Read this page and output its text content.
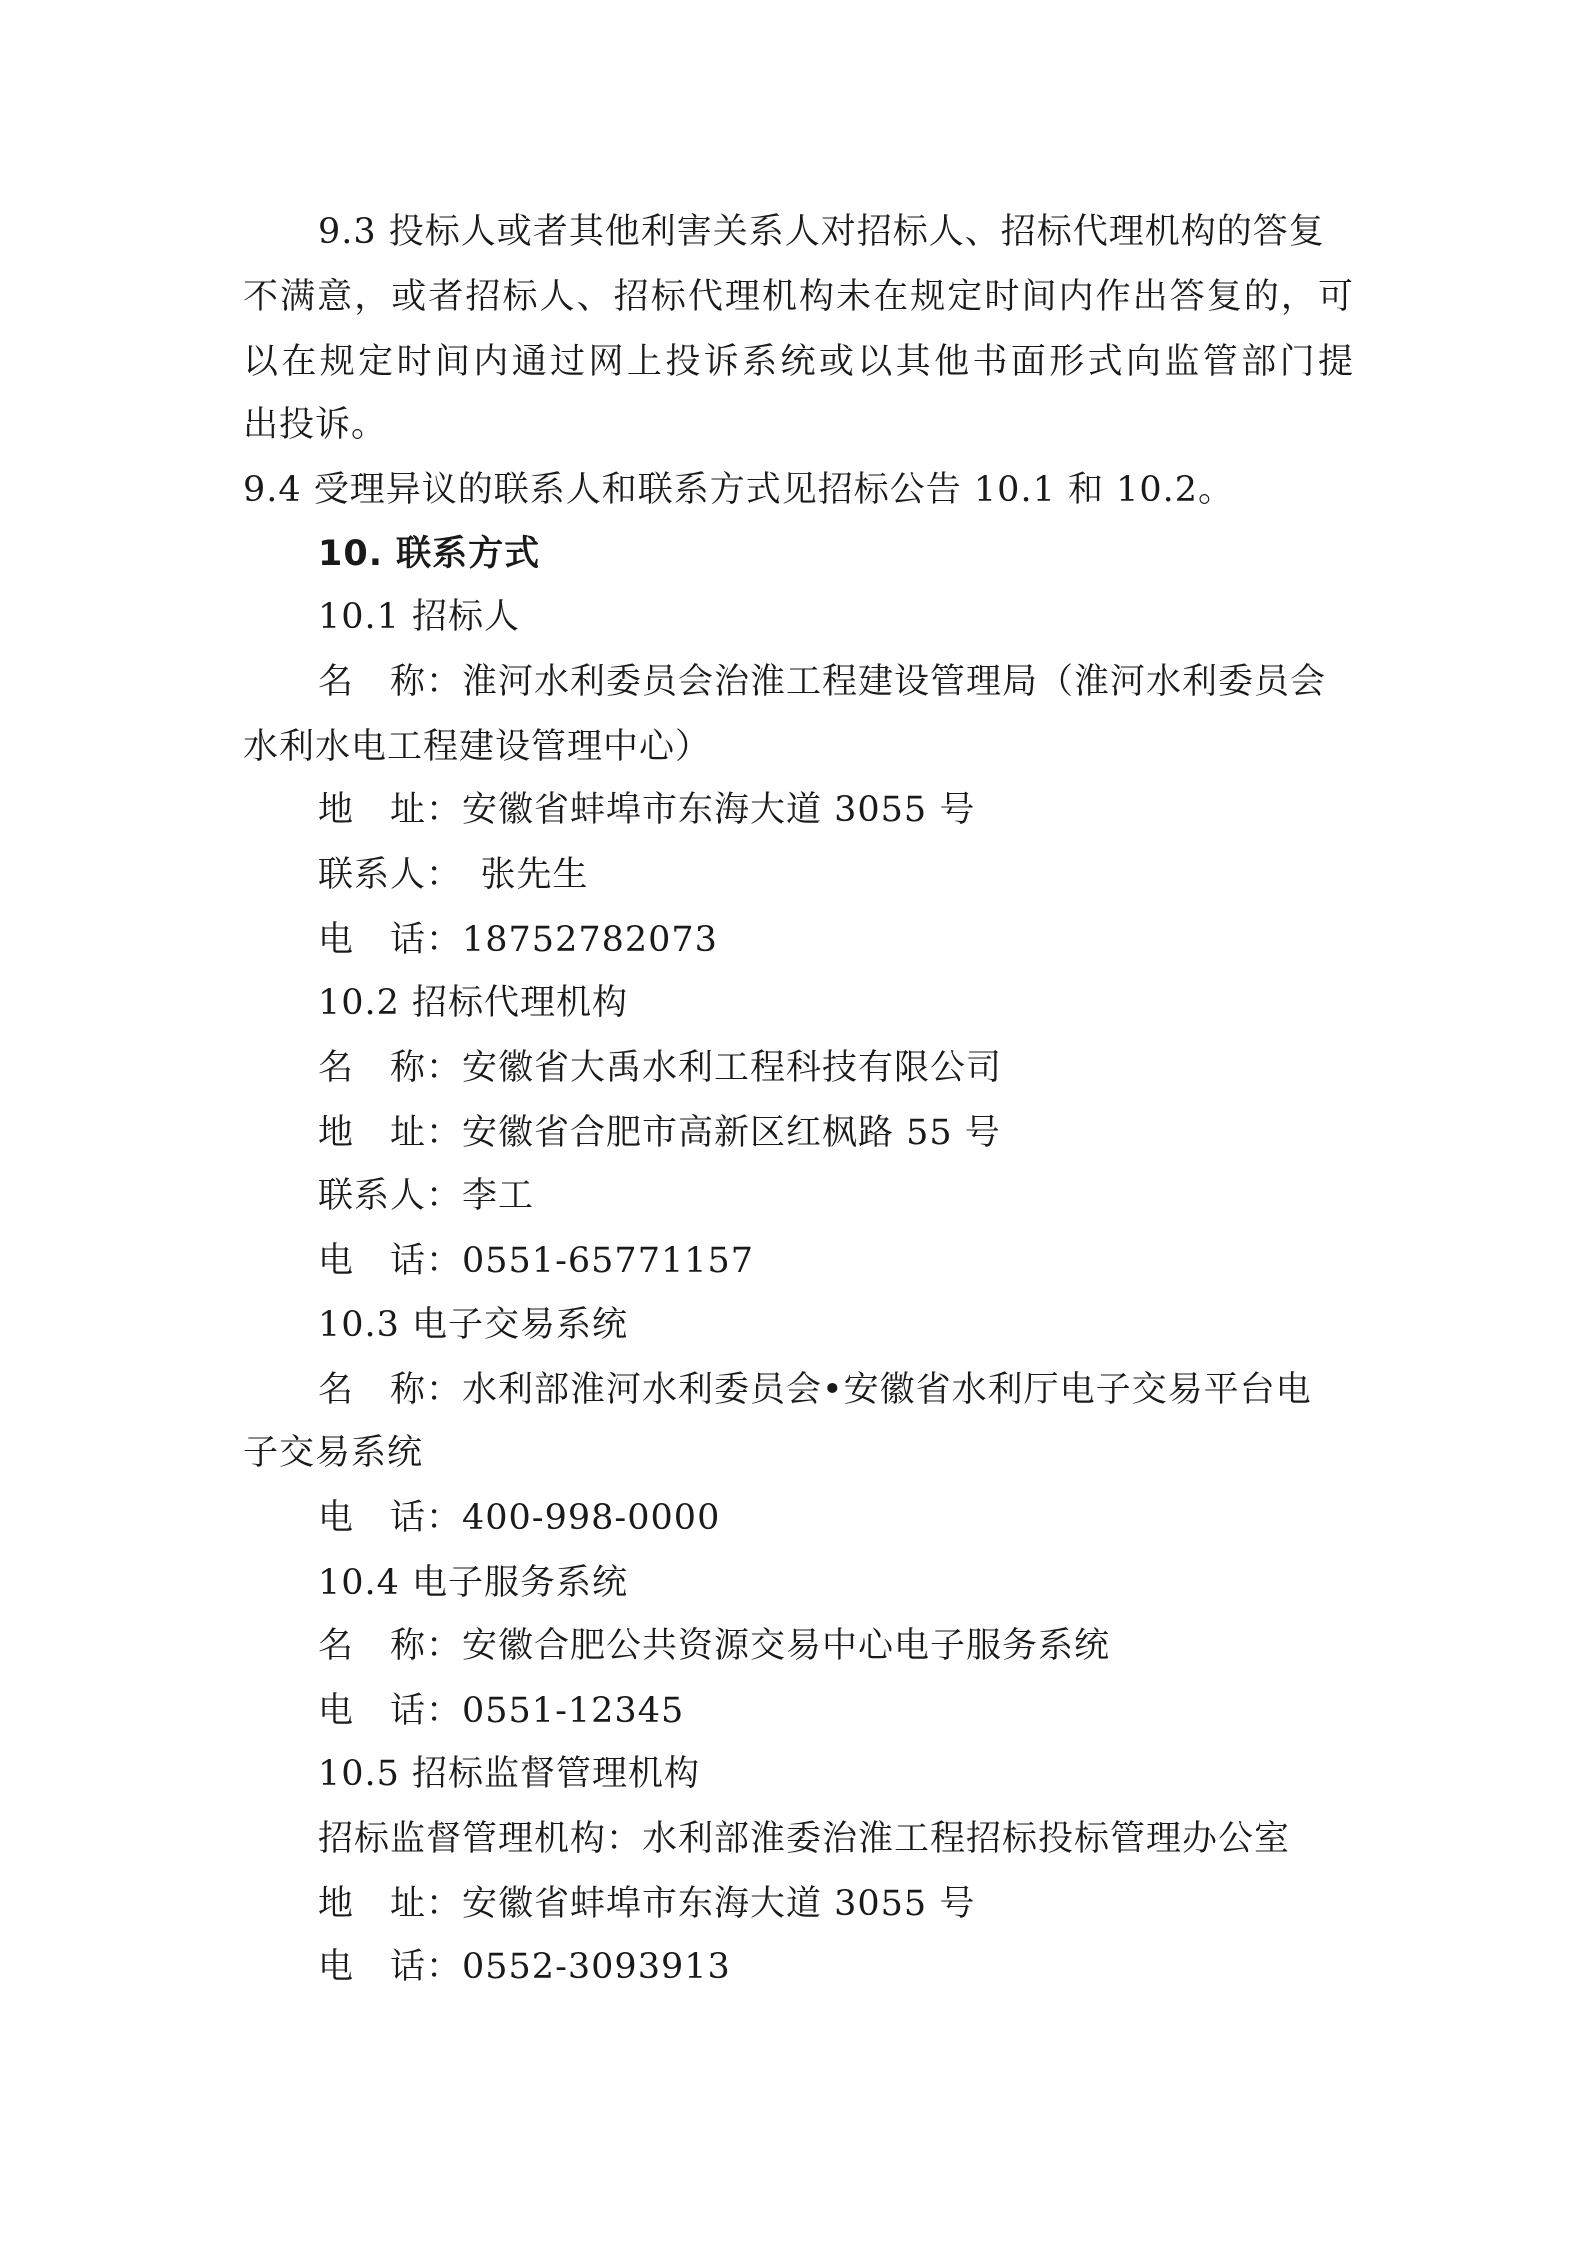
9.3 投标人或者其他利害关系人对招标人、招标代理机构的答复
不满意，或者招标人、招标代理机构未在规定时间内作出答复的，可
以在规定时间内通过网上投诉系统或以其他书面形式向监管部门提
出投诉。
9.4 受理异议的联系人和联系方式见招标公告 10.1 和 10.2。
10. 联系方式
10.1 招标人
名　称：淮河水利委员会治淮工程建设管理局（淮河水利委员会
水利水电工程建设管理中心）
地　址：安徽省蚌埠市东海大道 3055 号
联系人：　张先生
电　话：18752782073
10.2 招标代理机构
名　称：安徽省大禹水利工程科技有限公司
地　址：安徽省合肥市高新区红枫路 55 号
联系人：李工
电　话：0551-65771157
10.3 电子交易系统
名　称：水利部淮河水利委员会•安徽省水利厅电子交易平台电
子交易系统
电　话：400-998-0000
10.4 电子服务系统
名　称：安徽合肥公共资源交易中心电子服务系统
电　话：0551-12345
10.5 招标监督管理机构
招标监督管理机构：水利部淮委治淮工程招标投标管理办公室
地　址：安徽省蚌埠市东海大道 3055 号
电　话：0552-3093913
